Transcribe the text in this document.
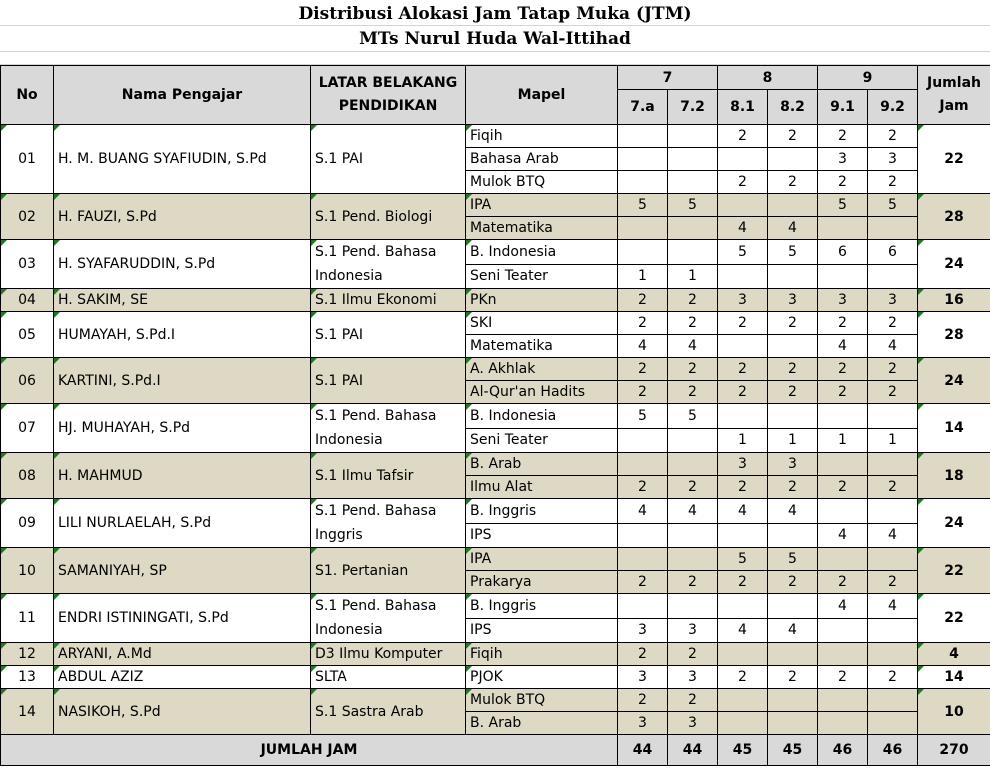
Distribusi Alokasi Jam Tatap Muka (JTM)
MTs Nurul Huda Wal-Ittihad
No	Nama Pengajar	LATAR BELAKANG PENDIDIKAN	Mapel	7		8		9		Jumlah Jam
				7.a	7.2	8.1	8.2	9.1	9.2	
01	H. M. BUANG SYAFIUDIN, S.Pd	S.1 PAI	Fiqih			2	2	2	2	22
			Bahasa Arab					3	3	
			Mulok BTQ			2	2	2	2	
02	H. FAUZI, S.Pd	S.1 Pend. Biologi	IPA	5	5			5	5	28
			Matematika			4	4			
03	H. SYAFARUDDIN, S.Pd	S.1 Pend. Bahasa Indonesia	B. Indonesia			5	5	6	6	24
			Seni Teater	1	1					
04	H. SAKIM, SE	S.1 Ilmu Ekonomi	PKn	2	2	3	3	3	3	16
05	HUMAYAH, S.Pd.I	S.1 PAI	SKI	2	2	2	2	2	2	28
			Matematika	4	4			4	4	
06	KARTINI, S.Pd.I	S.1 PAI	A. Akhlak	2	2	2	2	2	2	24
			Al-Qur'an Hadits	2	2	2	2	2	2	
07	HJ. MUHAYAH, S.Pd	S.1 Pend. Bahasa Indonesia	B. Indonesia	5	5					14
			Seni Teater			1	1	1	1	
08	H. MAHMUD	S.1 Ilmu Tafsir	B. Arab			3	3			18
			Ilmu Alat	2	2	2	2	2	2	
09	LILI NURLAELAH, S.Pd	S.1 Pend. Bahasa Inggris	B. Inggris	4	4	4	4			24
			IPS					4	4	
10	SAMANIYAH, SP	S1. Pertanian	IPA			5	5			22
			Prakarya	2	2	2	2	2	2	
11	ENDRI ISTININGATI, S.Pd	S.1 Pend. Bahasa Indonesia	B. Inggris					4	4	22
			IPS	3	3	4	4			
12	ARYANI, A.Md	D3 Ilmu Komputer	Fiqih	2	2					4
13	ABDUL AZIZ	SLTA	PJOK	3	3	2	2	2	2	14
14	NASIKOH, S.Pd	S.1 Sastra Arab	Mulok BTQ	2	2					10
			B. Arab	3	3					
JUMLAH JAM				44	44	45	45	46	46	270
